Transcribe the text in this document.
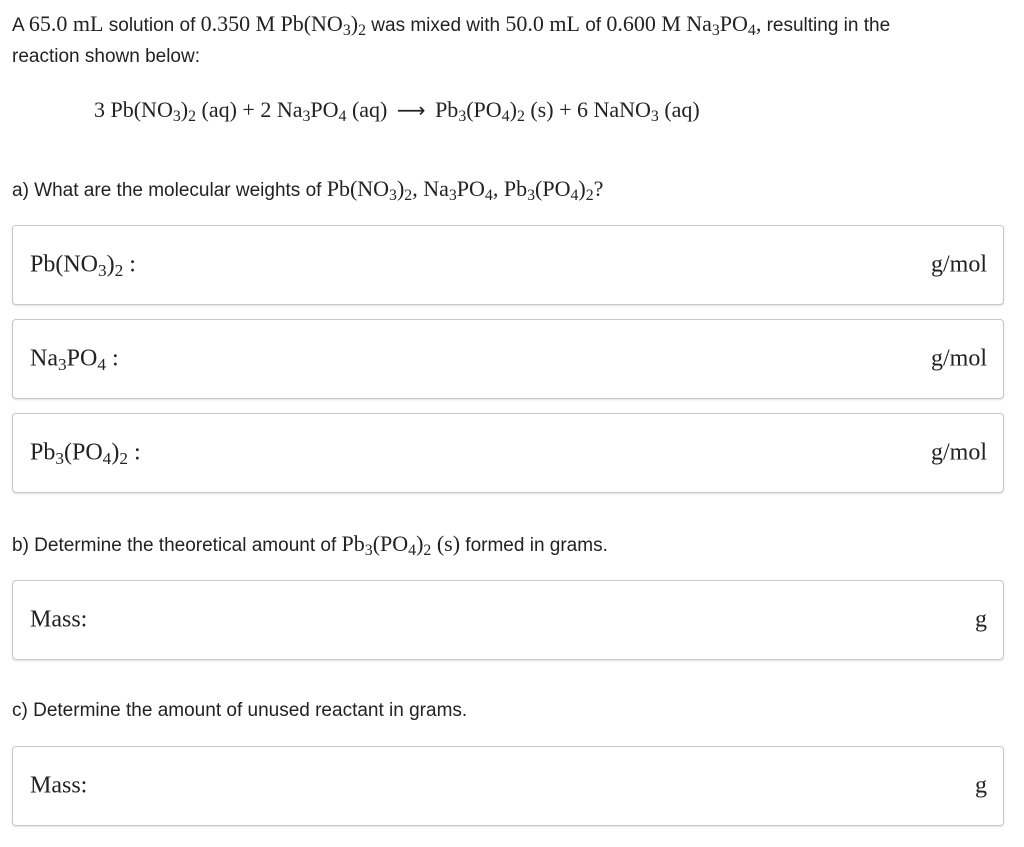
A 65.0 mL solution of 0.350 M $Pb(NO_3)_2$ was mixed with 50.0 mL of 0.600 M $Na_3PO_4$, resulting in the
reaction shown below:
3 $Pb(NO_3)_2$ (aq) + 2 $Na_3PO_4$ (aq) ⟶ $Pb_3(PO_4)_2$ (s) + 6 NaNO$_3$ (aq)
a) What are the molecular weights of $Pb(NO_3)_2$, $Na_3PO_4$, $Pb_3(PO_4)_2$?
$Pb(NO_3)_2$ :	g/mol
$Na_3PO_4$ :	g/mol
$Pb_3(PO_4)_2$ :	g/mol
b) Determine the theoretical amount of $Pb_3(PO_4)_2$ (s) formed in grams.
Mass:	g
c) Determine the amount of unused reactant in grams.
Mass:	g
